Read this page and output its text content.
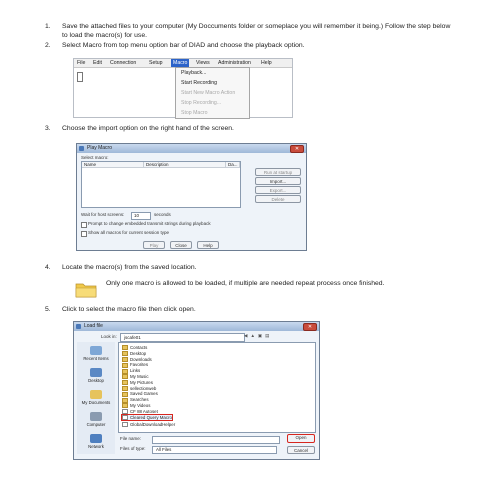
1. Save the attached files to your computer (My Doccuments folder or someplace you will remember it being.) Follow the step below to load the macro(s) for use.
2. Select Macro from top menu option bar of DIAD and choose the playback option.
File	Edit	Connection	Setup	Macro	Views	Administration	Help
Playback...
Start Recording
Start New Macro Action
Stop Recording...
Stop Macro
3. Choose the import option on the right hand of the screen.
Play Macro	✕
Select macro:
Name	Description	Da...
Run at startup
Import...
Export...
Delete
Wait for host screens:	10	seconds
Prompt to change embedded transmit strings during playback
Show all macros for current session type
Play	Close	Help
4. Locate the macro(s) from the saved location.
Only one macro is allowed to be loaded, if multiple are needed repeat process once finished.
5. Click to select the macro file then click open.
Load file	✕
Look in:	jscafe01	◀▲▣▤
Recent Items
Desktop
My Documents
Computer
Network
Contacts
Desktop
Downloads
Favorites
Links
My Music
My Pictures
sellectionweb
Saved Games
Searches
My Videos
CF 88 Autoset
Cleared Query Macro
GlobalDownloadHelper
File name:
Files of type:	All Files
Open
Cancel
